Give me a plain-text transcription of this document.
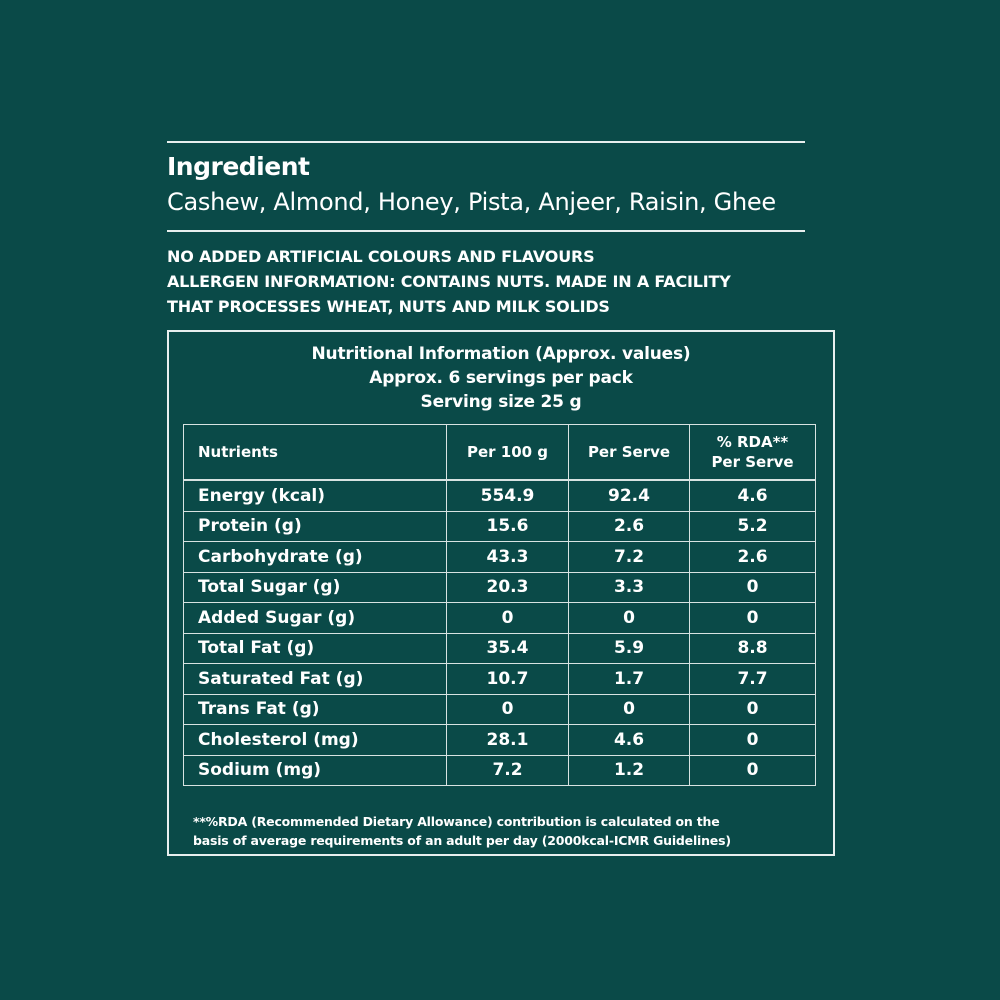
Ingredient
Cashew, Almond, Honey, Pista, Anjeer, Raisin, Ghee
NO ADDED ARTIFICIAL COLOURS AND FLAVOURS
ALLERGEN INFORMATION: CONTAINS NUTS. MADE IN A FACILITY
THAT PROCESSES WHEAT, NUTS AND MILK SOLIDS
Nutritional Information (Approx. values)
Approx. 6 servings per pack
Serving size 25 g
Nutrients	Per 100 g	Per Serve	% RDA**
Per Serve

Energy (kcal)	554.9	92.4	4.6
Protein (g)	15.6	2.6	5.2
Carbohydrate (g)	43.3	7.2	2.6
Total Sugar (g)	20.3	3.3	0
Added Sugar (g)	0	0	0
Total Fat (g)	35.4	5.9	8.8
Saturated Fat (g)	10.7	1.7	7.7
Trans Fat (g)	0	0	0
Cholesterol (mg)	28.1	4.6	0
Sodium (mg)	7.2	1.2	0
**%RDA (Recommended Dietary Allowance) contribution is calculated on the
basis of average requirements of an adult per day (2000kcal-ICMR Guidelines)
